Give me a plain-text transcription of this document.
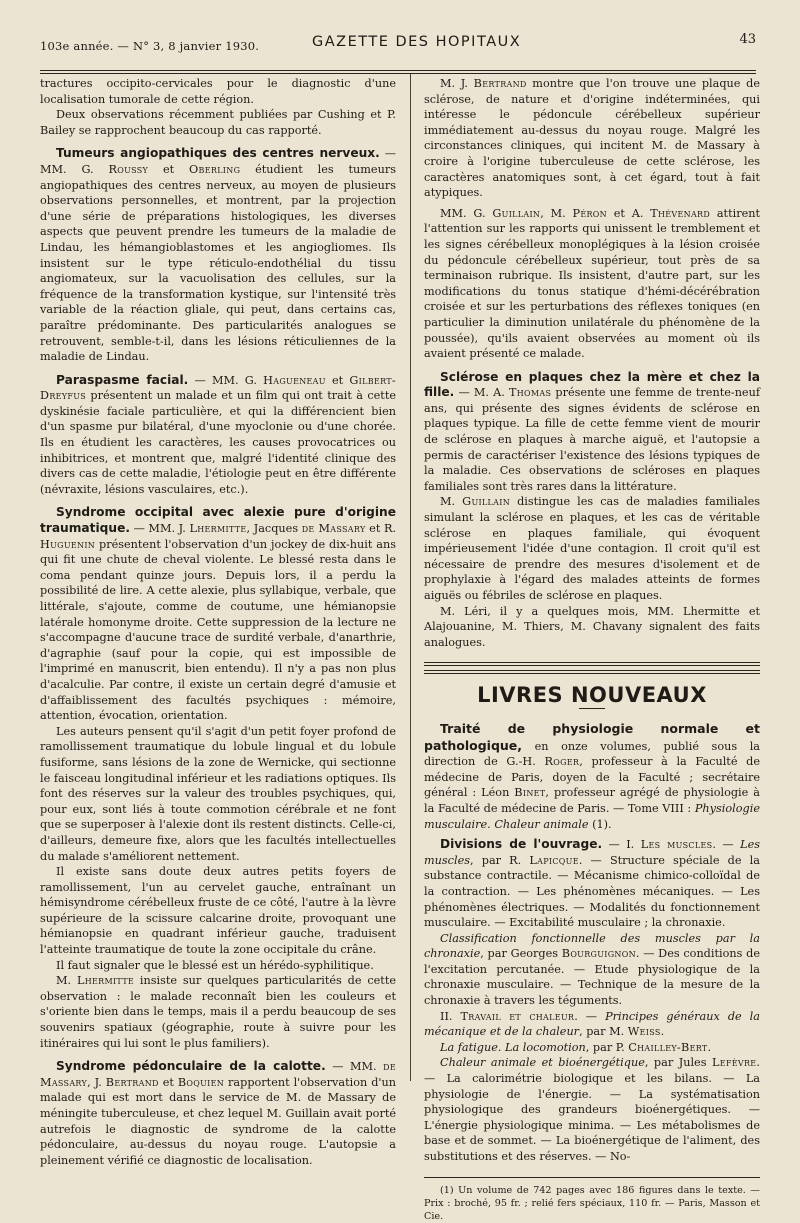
103e année. — N° 3, 8 janvier 1930.	GAZETTE DES HOPITAUX	43

tractures occipito-cervicales pour le diagnostic d'une localisation tumorale de cette région.

Deux observations récemment publiées par Cushing et P. Bailey se rapprochent beaucoup du cas rapporté.

Tumeurs angiopathiques des centres nerveux. — MM. G. Roussy et Oberling étudient les tumeurs angiopathiques des centres nerveux, au moyen de plusieurs observations personnelles, et montrent, par la projection d'une série de préparations histologiques, les diverses aspects que peuvent prendre les tumeurs de la maladie de Lindau, les hémangioblastomes et les angiogliomes. Ils insistent sur le type réticulo-endothélial du tissu angiomateux, sur la vacuolisation des cellules, sur la fréquence de la transformation kystique, sur l'intensité très variable de la réaction gliale, qui peut, dans certains cas, paraître prédominante. Des particularités analogues se retrouvent, semble-t-il, dans les lésions réticuliennes de la maladie de Lindau.

Paraspasme facial. — MM. G. Hagueneau et Gilbert-Dreyfus présentent un malade et un film qui ont trait à cette dyskinésie faciale particulière, et qui la différencient bien d'un spasme pur bilatéral, d'une myoclonie ou d'une chorée. Ils en étudient les caractères, les causes provocatrices ou inhibitrices, et montrent que, malgré l'identité clinique des divers cas de cette maladie, l'étiologie peut en être différente (névraxite, lésions vasculaires, etc.).

Syndrome occipital avec alexie pure d'origine traumatique. — MM. J. Lhermitte, Jacques de Massary et R. Huguenin présentent l'observation d'un jockey de dix-huit ans qui fit une chute de cheval violente. Le blessé resta dans le coma pendant quinze jours. Depuis lors, il a perdu la possibilité de lire. A cette alexie, plus syllabique, verbale, que littérale, s'ajoute, comme de coutume, une hémianopsie latérale homonyme droite. Cette suppression de la lecture ne s'accompagne d'aucune trace de surdité verbale, d'anarthrie, d'agraphie (sauf pour la copie, qui est impossible de l'imprimé en manuscrit, bien entendu). Il n'y a pas non plus d'acalculie. Par contre, il existe un certain degré d'amusie et d'affaiblissement des facultés psychiques : mémoire, attention, évocation, orientation.

Les auteurs pensent qu'il s'agit d'un petit foyer profond de ramollissement traumatique du lobule lingual et du lobule fusiforme, sans lésions de la zone de Wernicke, qui sectionne le faisceau longitudinal inférieur et les radiations optiques. Ils font des réserves sur la valeur des troubles psychiques, qui, pour eux, sont liés à toute commotion cérébrale et ne font que se superposer à l'alexie dont ils restent distincts. Celle-ci, d'ailleurs, demeure fixe, alors que les facultés intellectuelles du malade s'améliorent nettement.

Il existe sans doute deux autres petits foyers de ramollissement, l'un au cervelet gauche, entraînant un hémisyndrome cérébelleux fruste de ce côté, l'autre à la lèvre supérieure de la scissure calcarine droite, provoquant une hémianopsie en quadrant inférieur gauche, traduisent l'atteinte traumatique de toute la zone occipitale du crâne.

Il faut signaler que le blessé est un hérédo-syphilitique.

M. Lhermitte insiste sur quelques particularités de cette observation : le malade reconnaît bien les couleurs et s'oriente bien dans le temps, mais il a perdu beaucoup de ses souvenirs spatiaux (géographie, route à suivre pour les itinéraires qui lui sont le plus familiers).

Syndrome pédonculaire de la calotte. — MM. de Massary, J. Bertrand et Boquien rapportent l'observation d'un malade qui est mort dans le service de M. de Massary de méningite tuberculeuse, et chez lequel M. Guillain avait porté autrefois le diagnostic de syndrome de la calotte pédonculaire, au-dessus du noyau rouge. L'autopsie a pleinement vérifié ce diagnostic de localisation.

M. J. Bertrand montre que l'on trouve une plaque de sclérose, de nature et d'origine indéterminées, qui intéresse le pédoncule cérébelleux supérieur immédiatement au-dessus du noyau rouge. Malgré les circonstances cliniques, qui incitent M. de Massary à croire à l'origine tuberculeuse de cette sclérose, les caractères anatomiques sont, à cet égard, tout à fait atypiques.

MM. G. Guillain, M. Péron et A. Thévenard attirent l'attention sur les rapports qui unissent le tremblement et les signes cérébelleux monoplégiques à la lésion croisée du pédoncule cérébelleux supérieur, tout près de sa terminaison rubrique. Ils insistent, d'autre part, sur les modifications du tonus statique d'hémi-décérébration croisée et sur les perturbations des réflexes toniques (en particulier la diminution unilatérale du phénomène de la poussée), qu'ils avaient observées au moment où ils avaient présenté ce malade.

Sclérose en plaques chez la mère et chez la fille. — M. A. Thomas présente une femme de trente-neuf ans, qui présente des signes évidents de sclérose en plaques typique. La fille de cette femme vient de mourir de sclérose en plaques à marche aiguë, et l'autopsie a permis de caractériser l'existence des lésions typiques de la maladie. Ces observations de scléroses en plaques familiales sont très rares dans la littérature.

M. Guillain distingue les cas de maladies familiales simulant la sclérose en plaques, et les cas de véritable sclérose en plaques familiale, qui évoquent impérieusement l'idée d'une contagion. Il croit qu'il est nécessaire de prendre des mesures d'isolement et de prophylaxie à l'égard des malades atteints de formes aiguës ou fébriles de sclérose en plaques.

M. Léri, il y a quelques mois, MM. Lhermitte et Alajouanine, M. Thiers, M. Chavany signalent des faits analogues.

LIVRES NOUVEAUX

Traité de physiologie normale et pathologique, en onze volumes, publié sous la direction de G.-H. Roger, professeur à la Faculté de médecine de Paris, doyen de la Faculté ; secrétaire général : Léon Binet, professeur agrégé de physiologie à la Faculté de médecine de Paris. — Tome VIII : Physiologie musculaire. Chaleur animale (1).

Divisions de l'ouvrage. — I. Les muscles. — Les muscles, par R. Lapicque. — Structure spéciale de la substance contractile. — Mécanisme chimico-colloïdal de la contraction. — Les phénomènes mécaniques. — Les phénomènes électriques. — Modalités du fonctionnement musculaire. — Excitabilité musculaire ; la chronaxie.

Classification fonctionnelle des muscles par la chronaxie, par Georges Bourguignon. — Des conditions de l'excitation percutanée. — Etude physiologique de la chronaxie musculaire. — Technique de la mesure de la chronaxie à travers les téguments.

II. Travail et chaleur. — Principes généraux de la mécanique et de la chaleur, par M. Weiss.

La fatigue. La locomotion, par P. Chailley-Bert.

Chaleur animale et bioénergétique, par Jules Lefèvre. — La calorimétrie biologique et les bilans. — La physiologie de l'énergie. — La systématisation physiologique des grandeurs bioénergétiques. — L'énergie physiologique minima. — Les métabolismes de base et de sommet. — La bioénergétique de l'aliment, des substitutions et des réserves. — No-

(1) Un volume de 742 pages avec 186 figures dans le texte. — Prix : broché, 95 fr. ; relié fers spéciaux, 110 fr. — Paris, Masson et Cie.
